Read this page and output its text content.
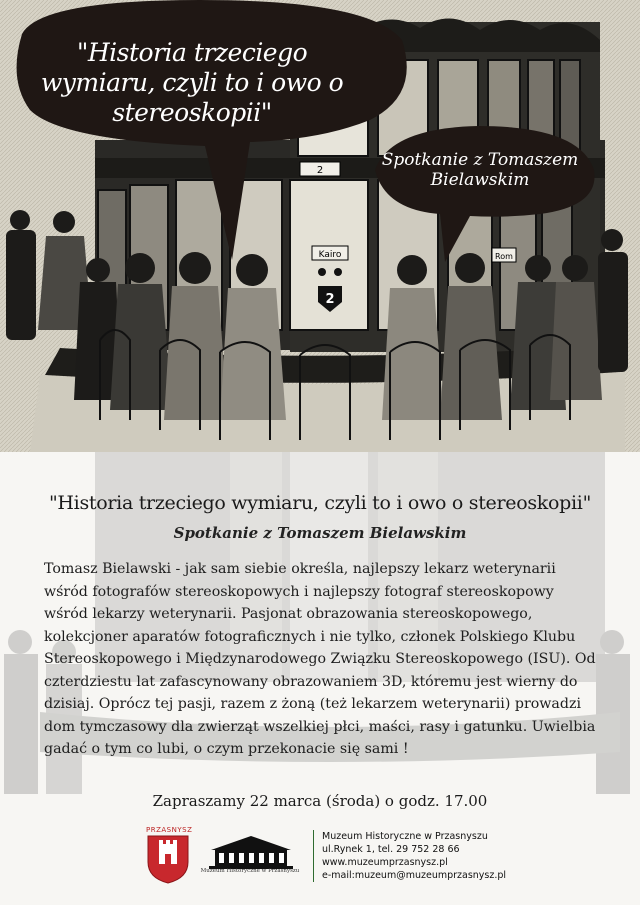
2
Kairo	Rom
2
"Historia trzeciego wymiaru, czyli to i owo o stereoskopii"
Spotkanie z Tomaszem Bielawskim
"Historia trzeciego wymiaru, czyli to i owo o stereoskopii"
Spotkanie z Tomaszem Bielawskim
Tomasz Bielawski - jak sam siebie określa, najlepszy lekarz weterynarii wśród fotografów stereoskopowych i najlepszy fotograf stereoskopowy wśród lekarzy weterynarii. Pasjonat obrazowania stereoskopowego, kolekcjoner aparatów fotograficznych i nie tylko, członek Polskiego Klubu Stereoskopowego i Międzynarodowego Związku Stereoskopowego (ISU). Od czterdziestu lat zafascynowany obrazowaniem 3D, któremu jest wierny do dzisiaj. Oprócz tej pasji, razem z żoną (też lekarzem weterynarii) prowadzi dom tymczasowy dla zwierząt wszelkiej płci, maści, rasy i gatunku. Uwielbia gadać o tym co lubi, o czym przekonacie się sami !
Zapraszamy 22 marca (środa) o godz. 17.00
PRZASNYSZ
Muzeum Historyczne w Przasnyszu
Muzeum Historyczne w Przasnyszu
ul.Rynek 1, tel. 29 752 28 66
www.muzeumprzasnysz.pl
e-mail:muzeum@muzeumprzasnysz.pl
